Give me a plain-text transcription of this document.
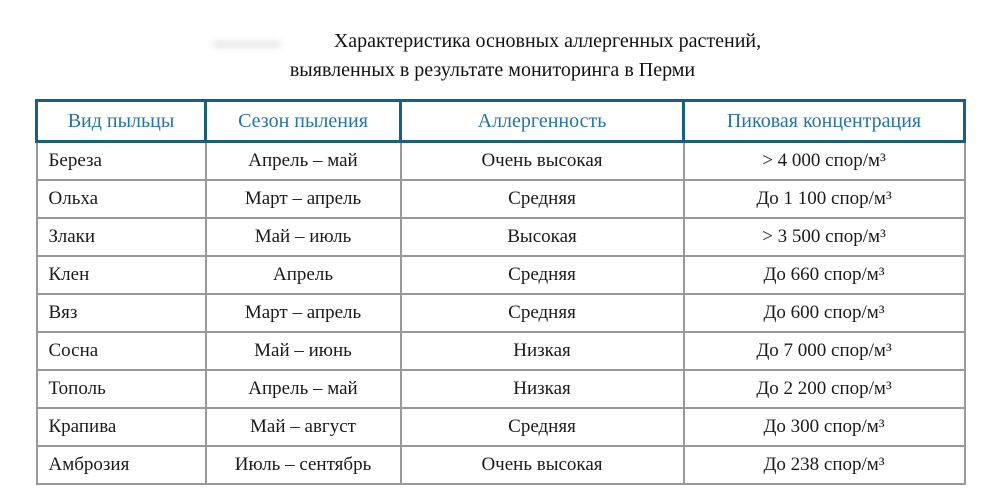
Характеристика основных аллергенных растений,
выявленных в результате мониторинга в Перми
Вид пыльцы	Сезон пыления	Аллергенность	Пиковая концентрация
Береза	Апрель – май	Очень высокая	> 4 000 спор/м³
Ольха	Март – апрель	Средняя	До 1 100 спор/м³
Злаки	Май – июль	Высокая	> 3 500 спор/м³
Клен	Апрель	Средняя	До 660 спор/м³
Вяз	Март – апрель	Средняя	До 600 спор/м³
Сосна	Май – июнь	Низкая	До 7 000 спор/м³
Тополь	Апрель – май	Низкая	До 2 200 спор/м³
Крапива	Май – август	Средняя	До 300 спор/м³
Амброзия	Июль – сентябрь	Очень высокая	До 238 спор/м³
